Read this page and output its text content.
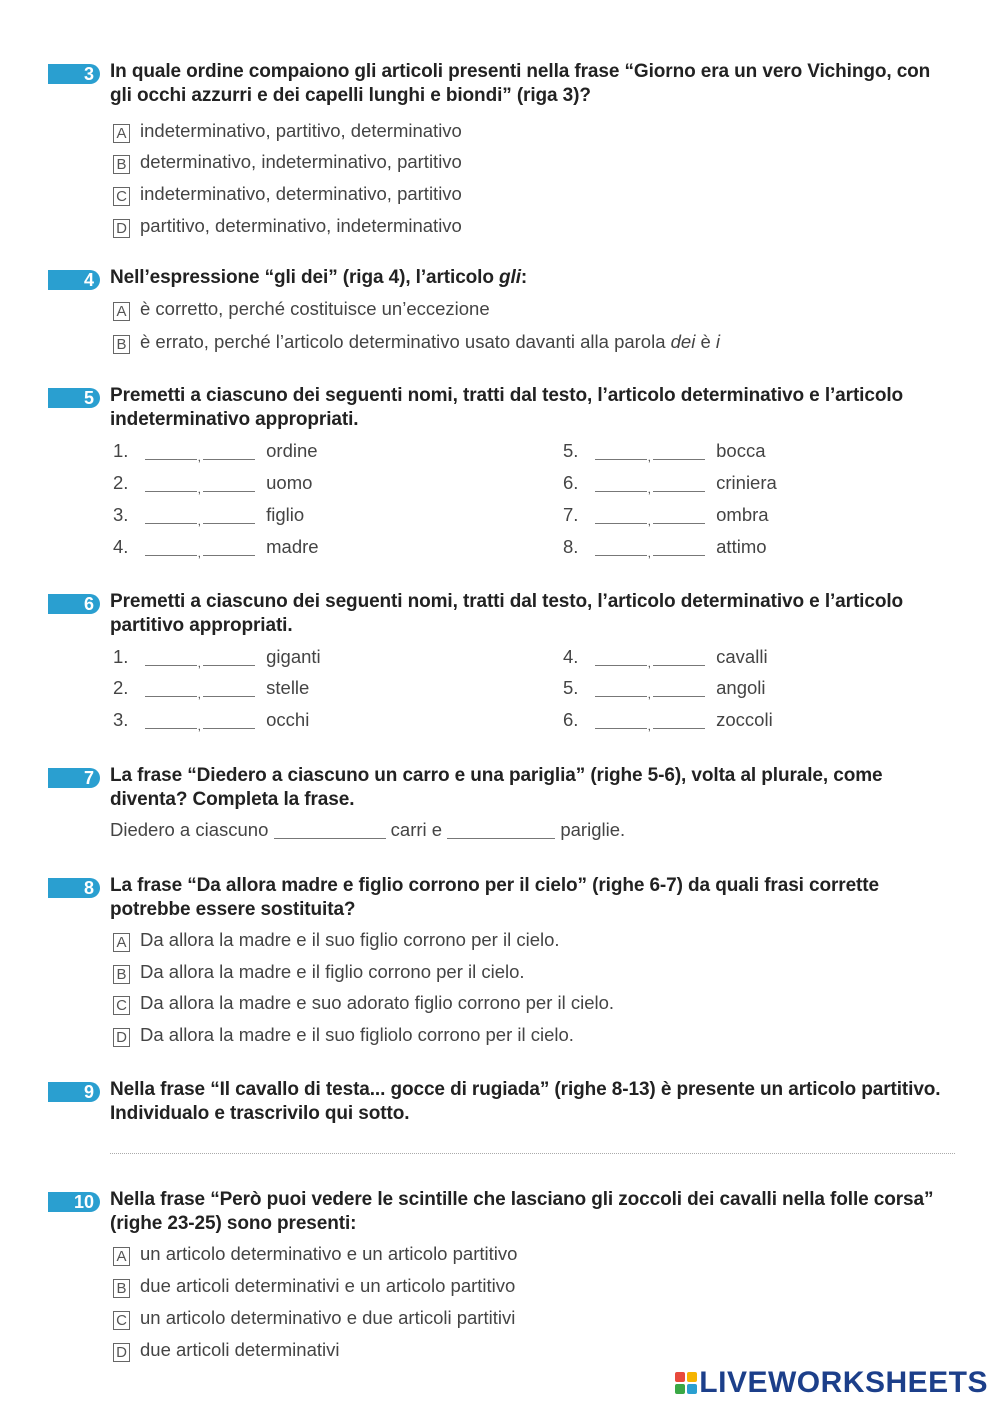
3 In quale ordine compaiono gli articoli presenti nella frase “Giorno era un vero Vichingo, con gli occhi azzurri e dei capelli lunghi e biondi” (riga 3)?
A indeterminativo, partitivo, determinativo
B determinativo, indeterminativo, partitivo
C indeterminativo, determinativo, partitivo
D partitivo, determinativo, indeterminativo
4 Nell’espressione “gli dei” (riga 4), l’articolo gli:
A è corretto, perché costituisce un’eccezione
B è errato, perché l’articolo determinativo usato davanti alla parola dei è i
5 Premetti a ciascuno dei seguenti nomi, tratti dal testo, l’articolo determinativo e l’articolo indeterminativo appropriati.
1. ,	ordine
2. ,	uomo
3. ,	figlio
4. ,	madre
5. ,	bocca
6. ,	criniera
7. ,	ombra
8. ,	attimo
6 Premetti a ciascuno dei seguenti nomi, tratti dal testo, l’articolo determinativo e l’articolo partitivo appropriati.
1. ,	giganti
2. ,	stelle
3. ,	occhi
4. ,	cavalli
5. ,	angoli
6. ,	zoccoli
7 La frase “Diedero a ciascuno un carro e una pariglia” (righe 5-6), volta al plurale, come diventa? Completa la frase.
Diedero a ciascuno	carri e	pariglie.
8 La frase “Da allora madre e figlio corrono per il cielo” (righe 6-7) da quali frasi corrette potrebbe essere sostituita?
A Da allora la madre e il suo figlio corrono per il cielo.
B Da allora la madre e il figlio corrono per il cielo.
C Da allora la madre e suo adorato figlio corrono per il cielo.
D Da allora la madre e il suo figliolo corrono per il cielo.
9 Nella frase “Il cavallo di testa... gocce di rugiada” (righe 8-13) è presente un articolo partitivo. Individualo e trascrivilo qui sotto.
10 Nella frase “Però puoi vedere le scintille che lasciano gli zoccoli dei cavalli nella folle corsa” (righe 23-25) sono presenti:
A un articolo determinativo e un articolo partitivo
B due articoli determinativi e un articolo partitivo
C un articolo determinativo e due articoli partitivi
D due articoli determinativi
LIVEWORKSHEETS
